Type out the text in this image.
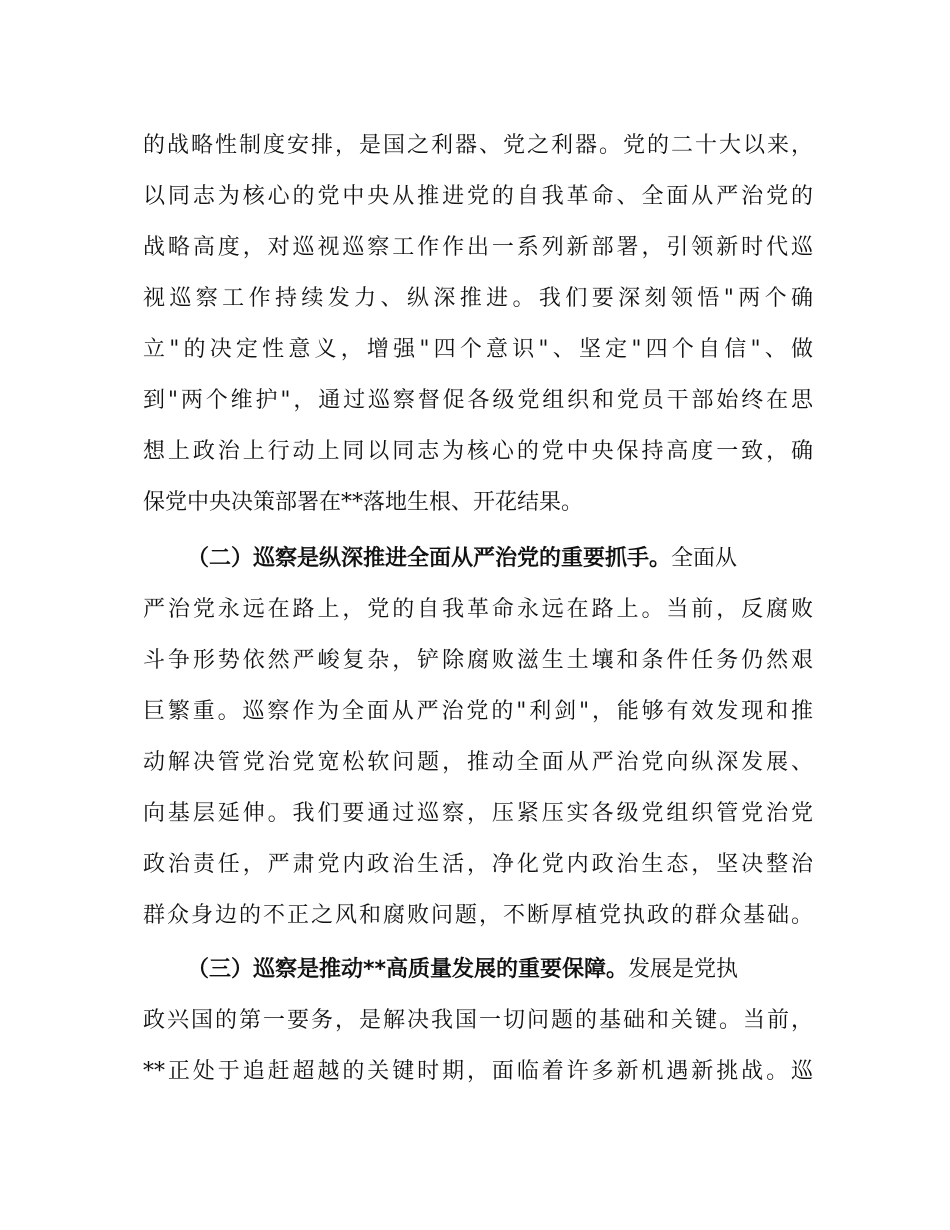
的战略性制度安排，是国之利器、党之利器。党的二十大以来，
以同志为核心的党中央从推进党的自我革命、全面从严治党的
战略高度，对巡视巡察工作作出一系列新部署，引领新时代巡
视巡察工作持续发力、纵深推进。我们要深刻领悟"两个确
立"的决定性意义，增强"四个意识"、坚定"四个自信"、做
到"两个维护"，通过巡察督促各级党组织和党员干部始终在思
想上政治上行动上同以同志为核心的党中央保持高度一致，确
保党中央决策部署在**落地生根、开花结果。
（二）巡察是纵深推进全面从严治党的重要抓手。全面从
严治党永远在路上，党的自我革命永远在路上。当前，反腐败
斗争形势依然严峻复杂，铲除腐败滋生土壤和条件任务仍然艰
巨繁重。巡察作为全面从严治党的"利剑"，能够有效发现和推
动解决管党治党宽松软问题，推动全面从严治党向纵深发展、
向基层延伸。我们要通过巡察，压紧压实各级党组织管党治党
政治责任，严肃党内政治生活，净化党内政治生态，坚决整治
群众身边的不正之风和腐败问题，不断厚植党执政的群众基础。
（三）巡察是推动**高质量发展的重要保障。发展是党执
政兴国的第一要务，是解决我国一切问题的基础和关键。当前，
**正处于追赶超越的关键时期，面临着许多新机遇新挑战。巡
